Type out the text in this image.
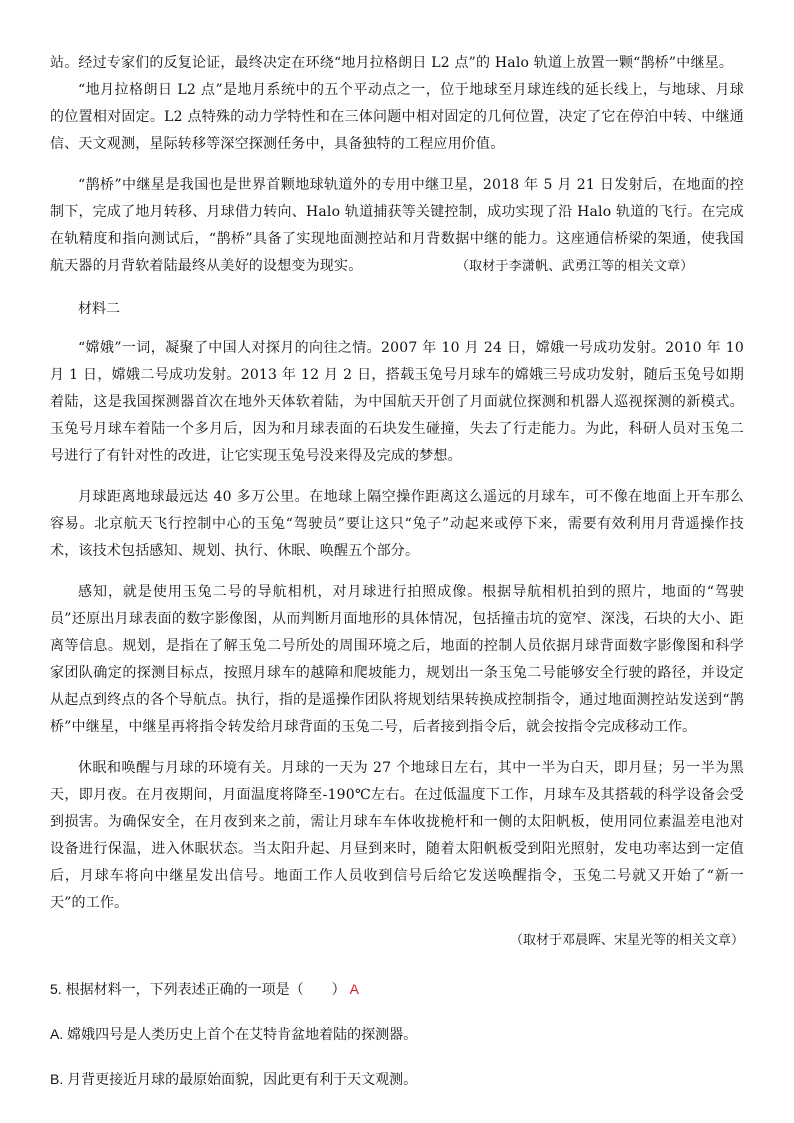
站。经过专家们的反复论证，最终决定在环绕“地月拉格朗日 L2 点”的 Halo 轨道上放置一颗“鹊桥”中继星。

“地月拉格朗日 L2 点”是地月系统中的五个平动点之一，位于地球至月球连线的延长线上，与地球、月球的位置相对固定。L2 点特殊的动力学特性和在三体问题中相对固定的几何位置，决定了它在停泊中转、中继通信、天文观测，星际转移等深空探测任务中，具备独特的工程应用价值。

“鹊桥”中继星是我国也是世界首颗地球轨道外的专用中继卫星，2018 年 5 月 21 日发射后，在地面的控制下，完成了地月转移、月球借力转向、Halo 轨道捕获等关键控制，成功实现了沿 Halo 轨道的飞行。在完成在轨精度和指向测试后，“鹊桥”具备了实现地面测控站和月背数据中继的能力。这座通信桥梁的架通，使我国航天器的月背软着陆最终从美好的设想变为现实。	（取材于李潇帆、武勇江等的相关文章）

材料二

“嫦娥”一词，凝聚了中国人对探月的向往之情。2007 年 10 月 24 日，嫦娥一号成功发射。2010 年 10 月 1 日，嫦娥二号成功发射。2013 年 12 月 2 日，搭载玉兔号月球车的嫦娥三号成功发射，随后玉兔号如期着陆，这是我国探测器首次在地外天体软着陆，为中国航天开创了月面就位探测和机器人巡视探测的新模式。玉兔号月球车着陆一个多月后，因为和月球表面的石块发生碰撞，失去了行走能力。为此，科研人员对玉兔二号进行了有针对性的改进，让它实现玉兔号没来得及完成的梦想。

月球距离地球最远达 40 多万公里。在地球上隔空操作距离这么遥远的月球车，可不像在地面上开车那么容易。北京航天飞行控制中心的玉兔“驾驶员”要让这只“兔子”动起来或停下来，需要有效利用月背遥操作技术，该技术包括感知、规划、执行、休眠、唤醒五个部分。

感知，就是使用玉兔二号的导航相机，对月球进行拍照成像。根据导航相机拍到的照片，地面的“驾驶员”还原出月球表面的数字影像图，从而判断月面地形的具体情况，包括撞击坑的宽窄、深浅，石块的大小、距离等信息。规划，是指在了解玉兔二号所处的周围环境之后，地面的控制人员依据月球背面数字影像图和科学家团队确定的探测目标点，按照月球车的越障和爬坡能力，规划出一条玉兔二号能够安全行驶的路径，并设定从起点到终点的各个导航点。执行，指的是遥操作团队将规划结果转换成控制指令，通过地面测控站发送到“鹊桥”中继星，中继星再将指令转发给月球背面的玉兔二号，后者接到指令后，就会按指令完成移动工作。

休眠和唤醒与月球的环境有关。月球的一天为 27 个地球日左右，其中一半为白天，即月昼；另一半为黑天，即月夜。在月夜期间，月面温度将降至-190℃左右。在过低温度下工作，月球车及其搭载的科学设备会受到损害。为确保安全，在月夜到来之前，需让月球车车体收拢桅杆和一侧的太阳帆板，使用同位素温差电池对设备进行保温，进入休眠状态。当太阳升起、月昼到来时，随着太阳帆板受到阳光照射，发电功率达到一定值后，月球车将向中继星发出信号。地面工作人员收到信号后给它发送唤醒指令，玉兔二号就又开始了“新一天”的工作。

（取材于邓晨晖、宋星光等的相关文章）

5. 根据材料一，下列表述正确的一项是（　　） A

A. 嫦娥四号是人类历史上首个在艾特肯盆地着陆的探测器。

B. 月背更接近月球的最原始面貌，因此更有利于天文观测。
